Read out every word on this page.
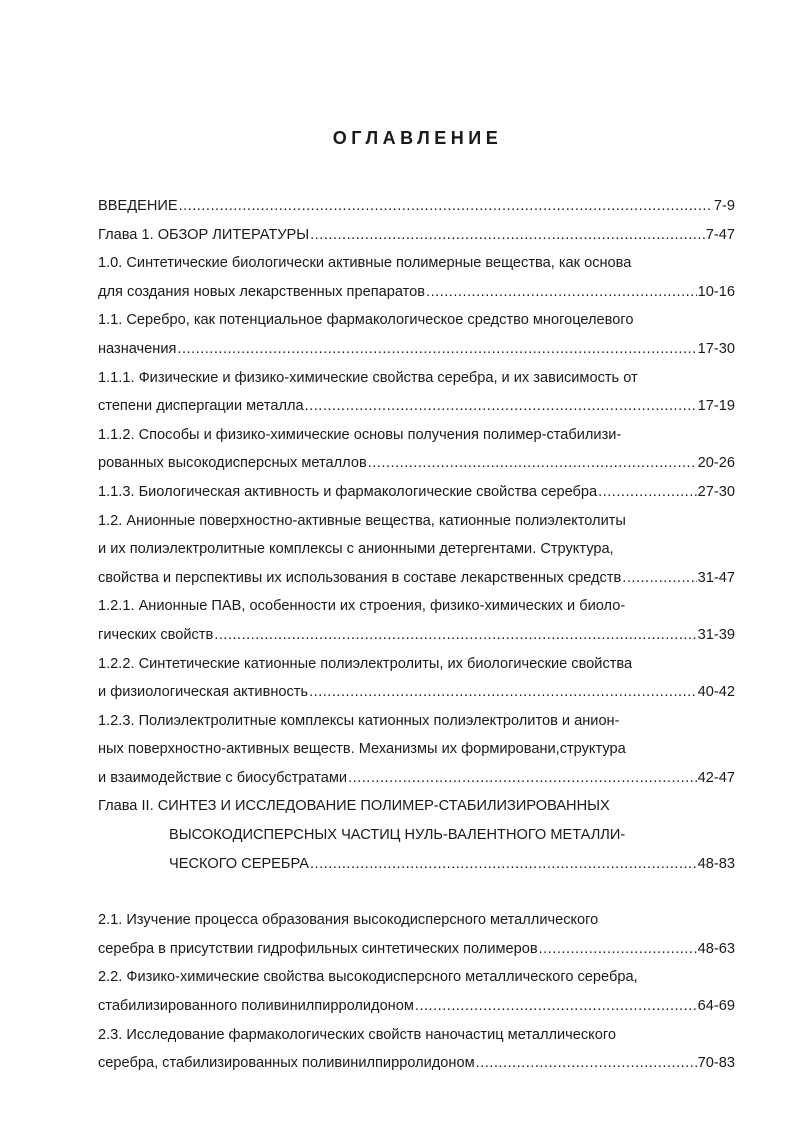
ОГЛАВЛЕНИЕ
ВВЕДЕНИЕ .....	7-9
Глава 1. ОБЗОР ЛИТЕРАТУРЫ .....	7-47
1.0. Синтетические биологически активные полимерные вещества, как основа
для создания новых лекарственных препаратов .....	10-16
1.1. Серебро, как потенциальное фармакологическое средство многоцелевого
назначения .....	17-30
1.1.1. Физические и физико-химические свойства серебра, и их зависимость от
степени диспергации металла .....	17-19
1.1.2. Способы и физико-химические основы получения полимер-стабилизи-
рованных высокодисперсных металлов .....	20-26
1.1.3. Биологическая активность и фармакологические свойства серебра .....	27-30
1.2. Анионные поверхностно-активные вещества, катионные полиэлектолиты
и их полиэлектролитные комплексы с анионными детергентами. Структура,
свойства и перспективы их использования в составе лекарственных средств .....	31-47
1.2.1. Анионные ПАВ, особенности их строения, физико-химических и биоло-
гических свойств .....	31-39
1.2.2. Синтетические катионные полиэлектролиты, их биологические свойства
и физиологическая активность .....	40-42
1.2.3. Полиэлектролитные комплексы катионных полиэлектролитов и анион-
ных поверхностно-активных веществ. Механизмы их формировани,структура
и взаимодействие с биосубстратами .....	42-47
Глава II. СИНТЕЗ И ИССЛЕДОВАНИЕ ПОЛИМЕР-СТАБИЛИЗИРОВАННЫХ
ВЫСОКОДИСПЕРСНЫХ ЧАСТИЦ НУЛЬ-ВАЛЕНТНОГО МЕТАЛЛИ-
ЧЕСКОГО СЕРЕБРА .....	48-83
2.1. Изучение процесса образования высокодисперсного металлического
серебра в присутствии гидрофильных синтетических полимеров .....	48-63
2.2. Физико-химические свойства высокодисперсного металлического серебра,
стабилизированного поливинилпирролидоном .....	64-69
2.3. Исследование фармакологических свойств наночастиц металлического
серебра, стабилизированных поливинилпирролидоном .....	70-83
